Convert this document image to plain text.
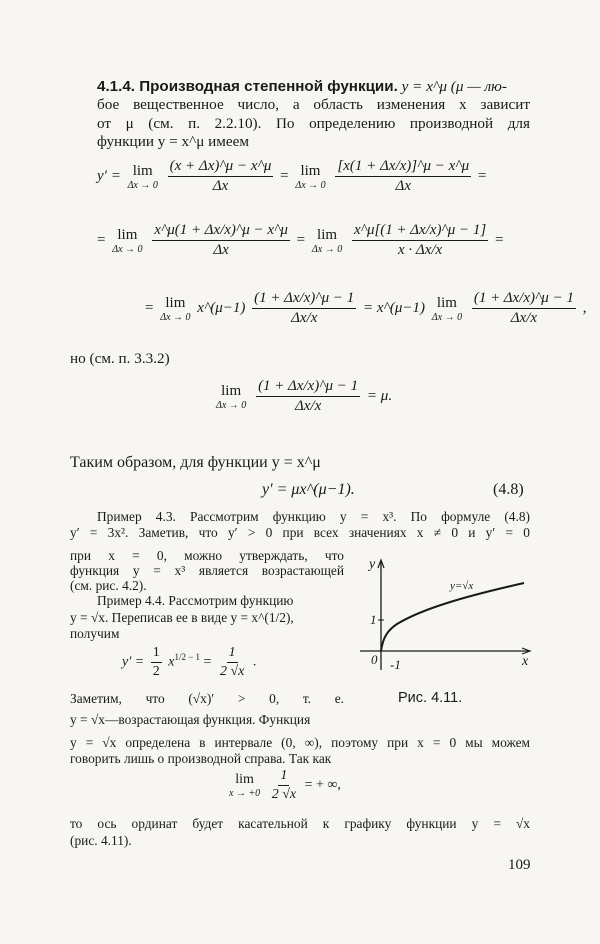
4.1.4. Производная степенной функции. y = x^μ (μ — лю-
бое вещественное число, а область изменения x зависит
от μ (см. п. 2.2.10). По определению производной для
функции y = x^μ имеем
y′ = lim
Δx → 0
$\frac{(x + \Delta x)\^{}\mu - x\^{}\mu}{\Delta x} = \lim$
Δx → 0
$\frac{[x(1 + \Delta x/x)]\^{}\mu - x\^{}\mu}{\Delta x}$ =
= lim
Δx → 0
$\frac{x\^{}\mu(1 + \Delta x/x)\^{}\mu - x\^{}\mu}{\Delta x} = \lim$
Δx → 0
$\frac{x\^{}\mu[(1 + \Delta x/x)\^{}\mu - 1]}{x \cdot \Delta x/x}$ =
= lim
Δx → 0
x^(μ−1) $\frac{(1 + \Delta x/x)\^{}\mu - 1}{\Delta x/x}$ = x^(μ−1) lim
Δx → 0
$\frac{(1 + \Delta x/x)\^{}\mu - 1}{\Delta x/x}$ ,
но (см. п. 3.3.2)
lim
Δx → 0
$\frac{(1 + \Delta x/x)\^{}\mu - 1}{\Delta x/x} = \mu$.
Таким образом, для функции y = x^μ
y′ = μx^(μ−1).	(4.8)
Пример 4.3. Рассмотрим функцию y = x³. По формуле (4.8)
y′ = 3x². Заметив, что y′ > 0 при всех значениях x ≠ 0 и y′ = 0
при x = 0, можно утверждать, что
функция y = x³ является возрастающей
(см. рис. 4.2).
Пример 4.4. Рассмотрим функцию
y = √x. Переписав ее в виде y = x^(1/2),
получим
$y' = \frac{1}{2} x^{1/2 - 1} = \frac{1}{2 √x}$ .
Заметим, что (√x)′ > 0, т. е.
y = √x—возрастающая функция. Функция
y = √x определена в интервале (0, ∞), поэтому при x = 0 мы можем
говорить лишь о производной справа. Так как
lim
x → +0
$\frac{1}{2 √x}$ = + ∞,
то ось ординат будет касательной к графику функции y = √x
(рис. 4.11).
y
x
0
1
-1
y=√x
Рис. 4.11.
109
